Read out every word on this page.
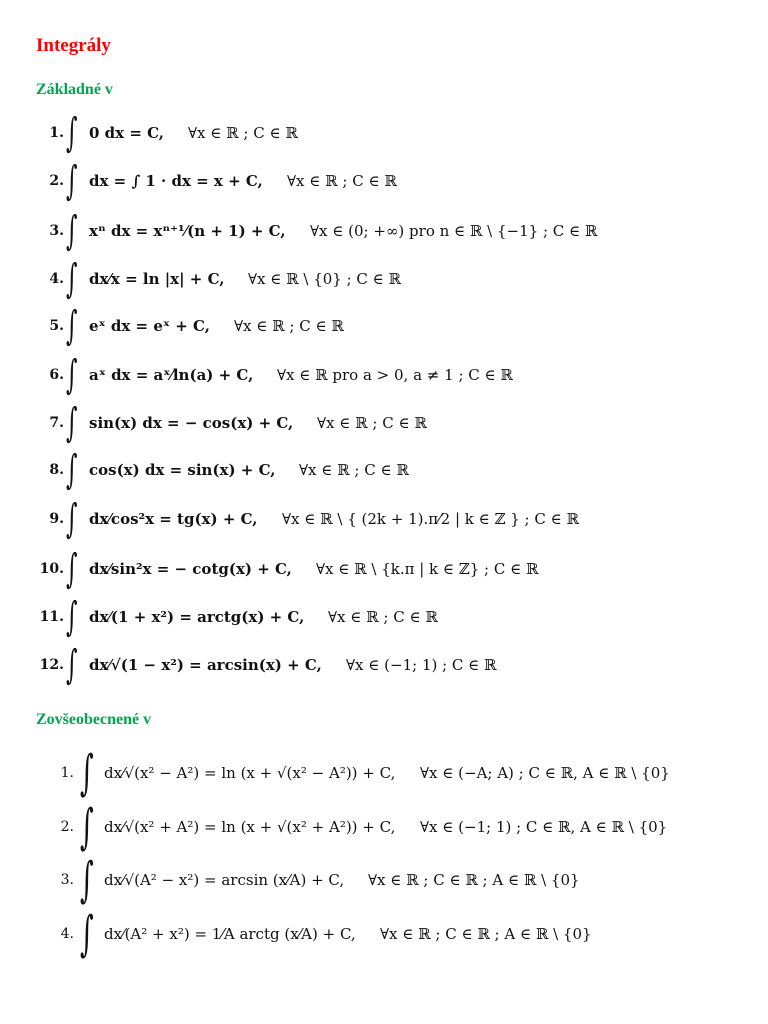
Integrály
Základné v
1. ∫ 0 dx = C, ∀x ∈ ℝ ; C ∈ ℝ
2. ∫ dx = ∫ 1 · dx = x + C, ∀x ∈ ℝ ; C ∈ ℝ
3. ∫ xⁿ dx = xⁿ⁺¹⁄(n + 1) + C, ∀x ∈ (0; +∞) pro n ∈ ℝ \ {−1} ; C ∈ ℝ
4. ∫ dx⁄x = ln |x| + C, ∀x ∈ ℝ \ {0} ; C ∈ ℝ
5. ∫ eˣ dx = eˣ + C, ∀x ∈ ℝ ; C ∈ ℝ
6. ∫ aˣ dx = aˣ⁄ln(a) + C, ∀x ∈ ℝ pro a > 0, a ≠ 1 ; C ∈ ℝ
7. ∫ sin(x) dx = − cos(x) + C, ∀x ∈ ℝ ; C ∈ ℝ
8. ∫ cos(x) dx = sin(x) + C, ∀x ∈ ℝ ; C ∈ ℝ
9. ∫ dx⁄cos²x = tg(x) + C, ∀x ∈ ℝ \ { (2k + 1).π⁄2 | k ∈ ℤ } ; C ∈ ℝ
10. ∫ dx⁄sin²x = − cotg(x) + C, ∀x ∈ ℝ \ {k.π | k ∈ ℤ} ; C ∈ ℝ
11. ∫ dx⁄(1 + x²) = arctg(x) + C, ∀x ∈ ℝ ; C ∈ ℝ
12. ∫ dx⁄√(1 − x²) = arcsin(x) + C, ∀x ∈ (−1; 1) ; C ∈ ℝ
Zovšeobecnené v
1. ∫ dx⁄√(x² − A²) = ln (x + √(x² − A²)) + C, ∀x ∈ (−A; A) ; C ∈ ℝ, A ∈ ℝ \ {0}
2. ∫ dx⁄√(x² + A²) = ln (x + √(x² + A²)) + C, ∀x ∈ (−1; 1) ; C ∈ ℝ, A ∈ ℝ \ {0}
3. ∫ dx⁄√(A² − x²) = arcsin (x⁄A) + C, ∀x ∈ ℝ ; C ∈ ℝ ; A ∈ ℝ \ {0}
4. ∫ dx⁄(A² + x²) = 1⁄A arctg (x⁄A) + C, ∀x ∈ ℝ ; C ∈ ℝ ; A ∈ ℝ \ {0}
